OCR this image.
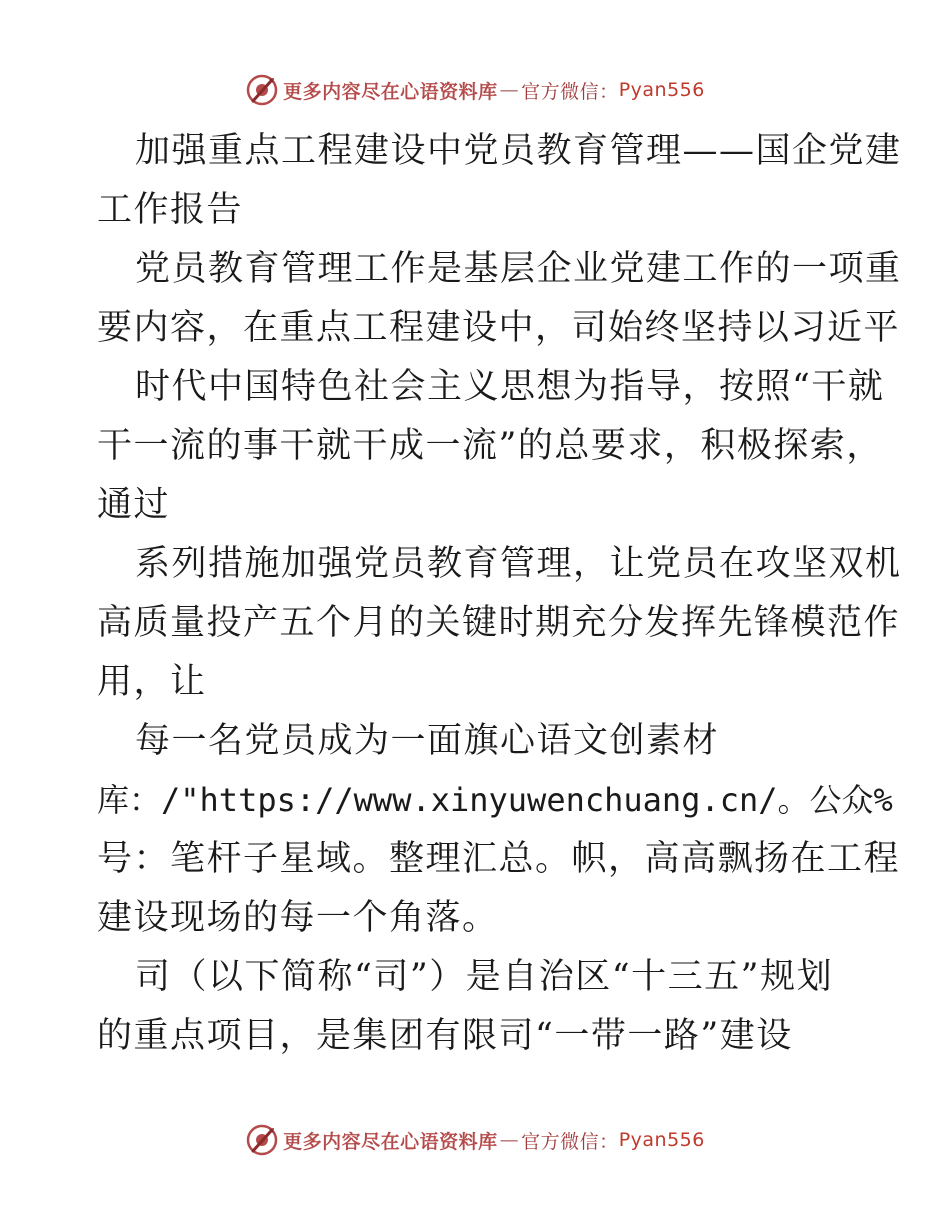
更多内容尽在心语资料库 — 官方微信： Pyan556
加强重点工程建设中党员教育管理——国企党建
工作报告
党员教育管理工作是基层企业党建工作的一项重
要内容，在重点工程建设中，司始终坚持以习近平
时代中国特色社会主义思想为指导，按照“干就
干一流的事干就干成一流”的总要求，积极探索，
通过
系列措施加强党员教育管理，让党员在攻坚双机
高质量投产五个月的关键时期充分发挥先锋模范作
用，让
每一名党员成为一面旗心语文创素材
库：/"https://www.xinyuwenchuang.cn/。公众%
号：笔杆子星域。整理汇总。帜，高高飘扬在工程
建设现场的每一个角落。
司（以下简称“司”）是自治区“十三五”规划
的重点项目，是集团有限司“一带一路”建设
更多内容尽在心语资料库 — 官方微信： Pyan556
